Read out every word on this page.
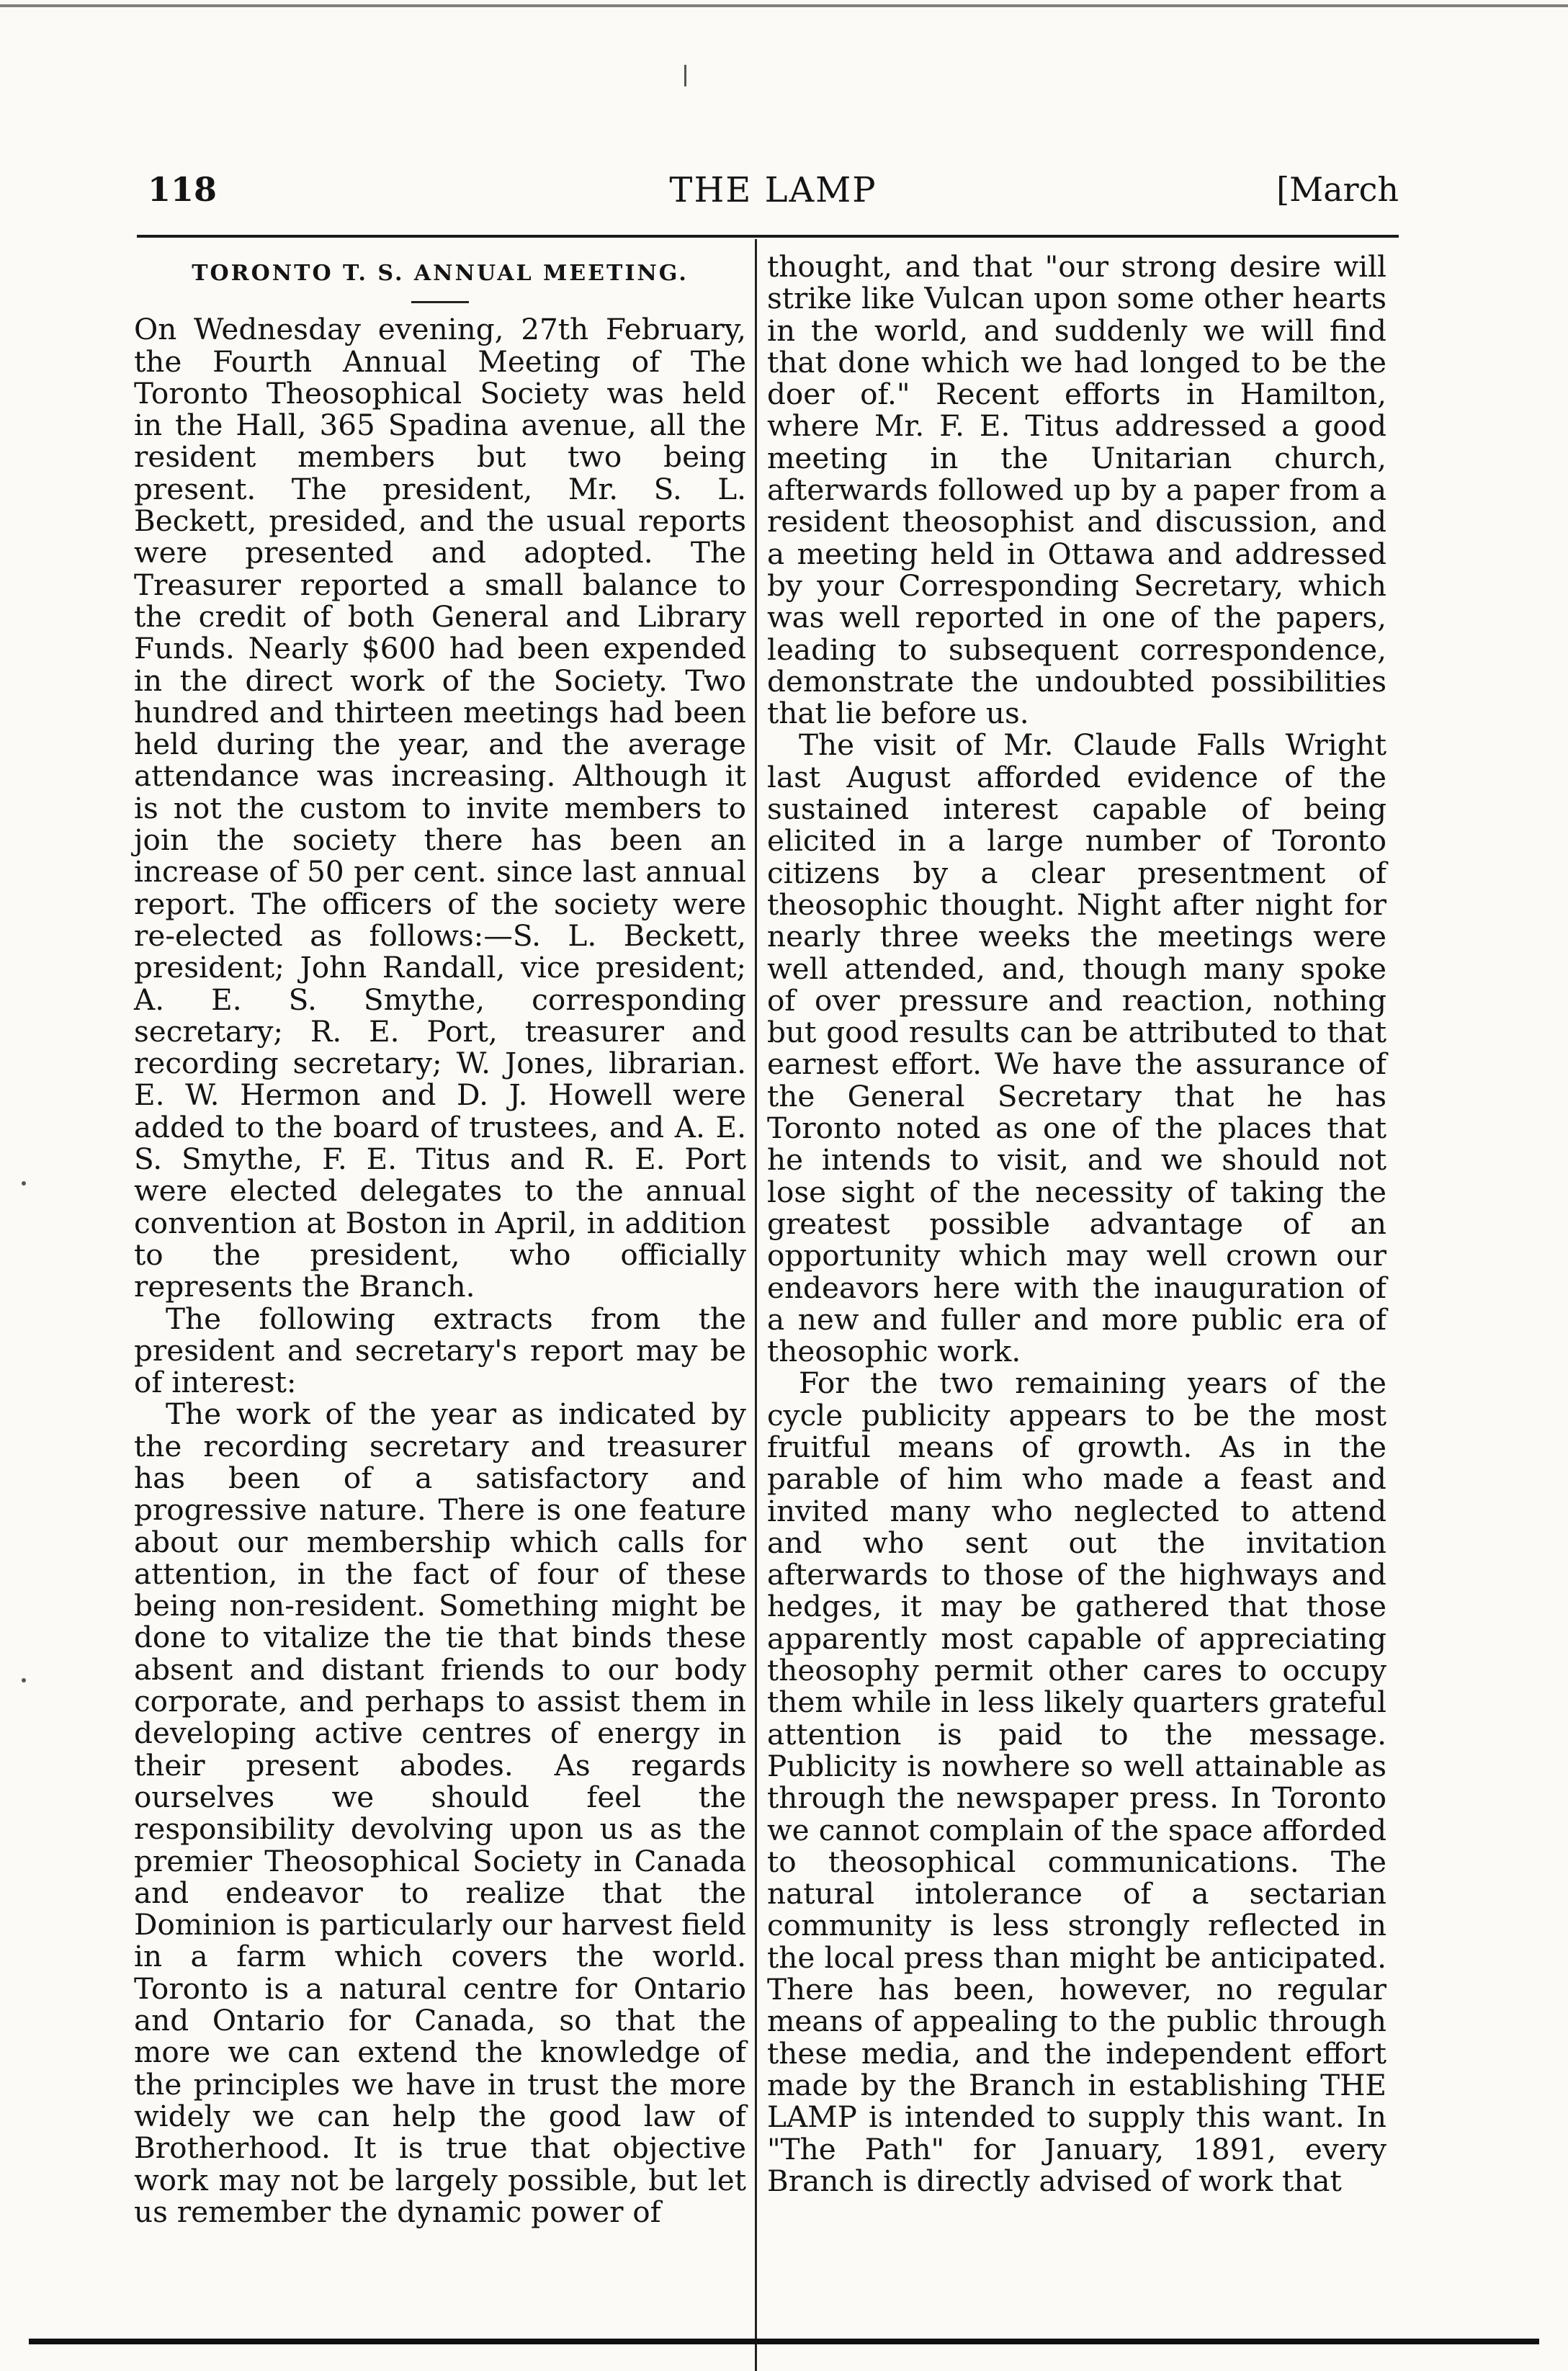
118	THE LAMP	[March
TORONTO T. S. ANNUAL MEETING.

On Wednesday evening, 27th February, the Fourth Annual Meeting of The Toronto Theosophical Society was held in the Hall, 365 Spadina avenue, all the resident members but two being present. The president, Mr. S. L. Beckett, presided, and the usual reports were presented and adopted. The Treasurer reported a small balance to the credit of both General and Library Funds. Nearly $600 had been expended in the direct work of the Society. Two hundred and thirteen meetings had been held during the year, and the average attendance was increasing. Although it is not the custom to invite members to join the society there has been an increase of 50 per cent. since last annual report. The officers of the society were re-elected as follows:—S. L. Beckett, president; John Randall, vice president; A. E. S. Smythe, corresponding secretary; R. E. Port, treasurer and recording secretary; W. Jones, librarian. E. W. Hermon and D. J. Howell were added to the board of trustees, and A. E. S. Smythe, F. E. Titus and R. E. Port were elected delegates to the annual convention at Boston in April, in addition to the president, who officially represents the Branch.

The following extracts from the president and secretary's report may be of interest:

The work of the year as indicated by the recording secretary and treasurer has been of a satisfactory and progressive nature. There is one feature about our membership which calls for attention, in the fact of four of these being non-resident. Something might be done to vitalize the tie that binds these absent and distant friends to our body corporate, and perhaps to assist them in developing active centres of energy in their present abodes. As regards ourselves we should feel the responsibility devolving upon us as the premier Theosophical Society in Canada and endeavor to realize that the Dominion is particularly our harvest field in a farm which covers the world. Toronto is a natural centre for Ontario and Ontario for Canada, so that the more we can extend the knowledge of the principles we have in trust the more widely we can help the good law of Brotherhood. It is true that objective work may not be largely possible, but let us remember the dynamic power of

thought, and that "our strong desire will strike like Vulcan upon some other hearts in the world, and suddenly we will find that done which we had longed to be the doer of." Recent efforts in Hamilton, where Mr. F. E. Titus addressed a good meeting in the Unitarian church, afterwards followed up by a paper from a resident theosophist and discussion, and a meeting held in Ottawa and addressed by your Corresponding Secretary, which was well reported in one of the papers, leading to subsequent correspondence, demonstrate the undoubted possibilities that lie before us.

The visit of Mr. Claude Falls Wright last August afforded evidence of the sustained interest capable of being elicited in a large number of Toronto citizens by a clear presentment of theosophic thought. Night after night for nearly three weeks the meetings were well attended, and, though many spoke of over pressure and reaction, nothing but good results can be attributed to that earnest effort. We have the assurance of the General Secretary that he has Toronto noted as one of the places that he intends to visit, and we should not lose sight of the necessity of taking the greatest possible advantage of an opportunity which may well crown our endeavors here with the inauguration of a new and fuller and more public era of theosophic work.

For the two remaining years of the cycle publicity appears to be the most fruitful means of growth. As in the parable of him who made a feast and invited many who neglected to attend and who sent out the invitation afterwards to those of the highways and hedges, it may be gathered that those apparently most capable of appreciating theosophy permit other cares to occupy them while in less likely quarters grateful attention is paid to the message. Publicity is nowhere so well attainable as through the newspaper press. In Toronto we cannot complain of the space afforded to theosophical communications. The natural intolerance of a sectarian community is less strongly reflected in the local press than might be anticipated. There has been, however, no regular means of appealing to the public through these media, and the independent effort made by the Branch in establishing THE LAMP is intended to supply this want. In "The Path" for January, 1891, every Branch is directly advised of work that
